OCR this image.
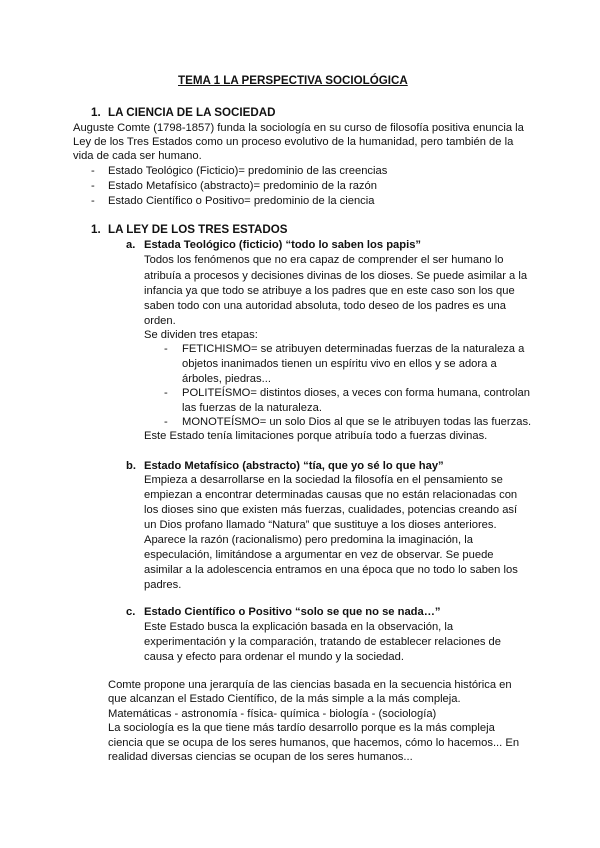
TEMA 1 LA PERSPECTIVA SOCIOLÓGICA
1. LA CIENCIA DE LA SOCIEDAD
Auguste Comte (1798-1857) funda la sociología en su curso de filosofía positiva enuncia la
Ley de los Tres Estados como un proceso evolutivo de la humanidad, pero también de la
vida de cada ser humano.
- Estado Teológico (Ficticio)= predominio de las creencias
- Estado Metafísico (abstracto)= predominio de la razón
- Estado Científico o Positivo= predominio de la ciencia
1. LA LEY DE LOS TRES ESTADOS
a. Estada Teológico (ficticio) “todo lo saben los papis”
Todos los fenómenos que no era capaz de comprender el ser humano lo
atribuía a procesos y decisiones divinas de los dioses. Se puede asimilar a la
infancia ya que todo se atribuye a los padres que en este caso son los que
saben todo con una autoridad absoluta, todo deseo de los padres es una
orden.
Se dividen tres etapas:
- FETICHISMO= se atribuyen determinadas fuerzas de la naturaleza a
objetos inanimados tienen un espíritu vivo en ellos y se adora a
árboles, piedras...
- POLITEÍSMO= distintos dioses, a veces con forma humana, controlan
las fuerzas de la naturaleza.
- MONOTEÍSMO= un solo Dios al que se le atribuyen todas las fuerzas.
Este Estado tenía limitaciones porque atribuía todo a fuerzas divinas.
b. Estado Metafísico (abstracto) “tía, que yo sé lo que hay”
Empieza a desarrollarse en la sociedad la filosofía en el pensamiento se
empiezan a encontrar determinadas causas que no están relacionadas con
los dioses sino que existen más fuerzas, cualidades, potencias creando así
un Dios profano llamado “Natura” que sustituye a los dioses anteriores.
Aparece la razón (racionalismo) pero predomina la imaginación, la
especulación, limitándose a argumentar en vez de observar. Se puede
asimilar a la adolescencia entramos en una época que no todo lo saben los
padres.
c. Estado Científico o Positivo “solo se que no se nada…”
Este Estado busca la explicación basada en la observación, la
experimentación y la comparación, tratando de establecer relaciones de
causa y efecto para ordenar el mundo y la sociedad.
Comte propone una jerarquía de las ciencias basada en la secuencia histórica en
que alcanzan el Estado Científico, de la más simple a la más compleja.
Matemáticas - astronomía - física- química - biología - (sociología)
La sociología es la que tiene más tardío desarrollo porque es la más compleja
ciencia que se ocupa de los seres humanos, que hacemos, cómo lo hacemos... En
realidad diversas ciencias se ocupan de los seres humanos...
